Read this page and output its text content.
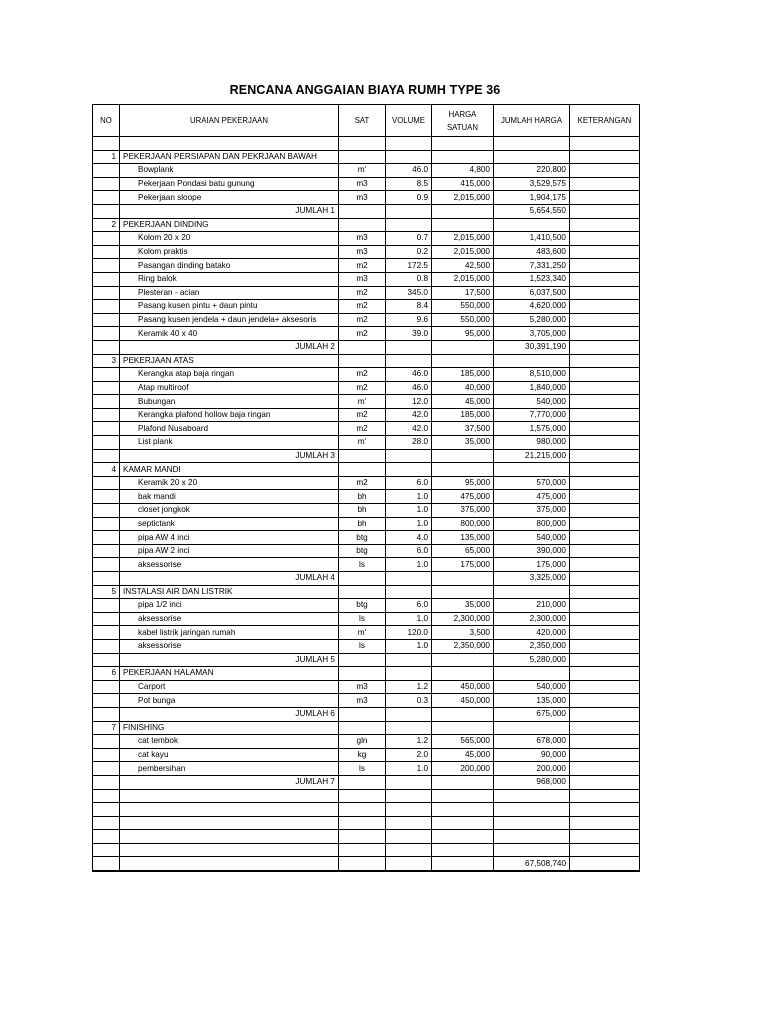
RENCANA ANGGAIAN BIAYA RUMH TYPE 36
NO	URAIAN PEKERJAAN	SAT	VOLUME	HARGA SATUAN	JUMLAH HARGA	KETERANGAN

1	PEKERJAAN PERSIAPAN DAN PEKRJAAN BAWAH					
	Bowplank	m'	46.0	4,800	220,800	
	Pekerjaan Pondasi batu gunung	m3	8.5	415,000	3,529,575	
	Pekerjaan sloope	m3	0.9	2,015,000	1,904,175	
	JUMLAH 1				5,654,550	
2	PEKERJAAN DINDING					
	Kolom 20 x 20	m3	0.7	2,015,000	1,410,500	
	Kolom praktis	m3	0.2	2,015,000	483,600	
	Pasangan dinding batako	m2	172.5	42,500	7,331,250	
	Ring balok	m3	0.8	2,015,000	1,523,340	
	Plesteran - acian	m2	345.0	17,500	6,037,500	
	Pasang kusen pintu + daun pintu	m2	8.4	550,000	4,620,000	
	Pasang kusen jendela + daun jendela+ aksesoris	m2	9.6	550,000	5,280,000	
	Keramik 40 x 40	m2	39.0	95,000	3,705,000	
	JUMLAH 2				30,391,190	
3	PEKERJAAN ATAS					
	Kerangka atap baja ringan	m2	46.0	185,000	8,510,000	
	Atap multiroof	m2	46.0	40,000	1,840,000	
	Bubungan	m'	12.0	45,000	540,000	
	Kerangka plafond hollow baja ringan	m2	42.0	185,000	7,770,000	
	Plafond Nusaboard	m2	42.0	37,500	1,575,000	
	List plank	m'	28.0	35,000	980,000	
	JUMLAH 3				21,215,000	
4	KAMAR MANDI					
	Keramik 20 x 20	m2	6.0	95,000	570,000	
	bak mandi	bh	1.0	475,000	475,000	
	closet jongkok	bh	1.0	375,000	375,000	
	septictank	bh	1.0	800,000	800,000	
	pipa AW 4 inci	btg	4.0	135,000	540,000	
	pipa AW 2 inci	btg	6.0	65,000	390,000	
	aksessorise	ls	1.0	175,000	175,000	
	JUMLAH 4				3,325,000	
5	INSTALASI AIR DAN LISTRIK					
	pipa 1/2 inci	btg	6.0	35,000	210,000	
	aksessorise	ls	1.0	2,300,000	2,300,000	
	kabel listrik jaringan rumah	m'	120.0	3,500	420,000	
	aksessorise	ls	1.0	2,350,000	2,350,000	
	JUMLAH 5				5,280,000	
6	PEKERJAAN HALAMAN					
	Carport	m3	1.2	450,000	540,000	
	Pot bunga	m3	0.3	450,000	135,000	
	JUMLAH 6				675,000	
7	FINISHING					
	cat tembok	gln	1.2	565,000	678,000	
	cat kayu	kg	2.0	45,000	90,000	
	pembersihan	ls	1.0	200,000	200,000	
	JUMLAH 7				968,000	

					67,508,740	
